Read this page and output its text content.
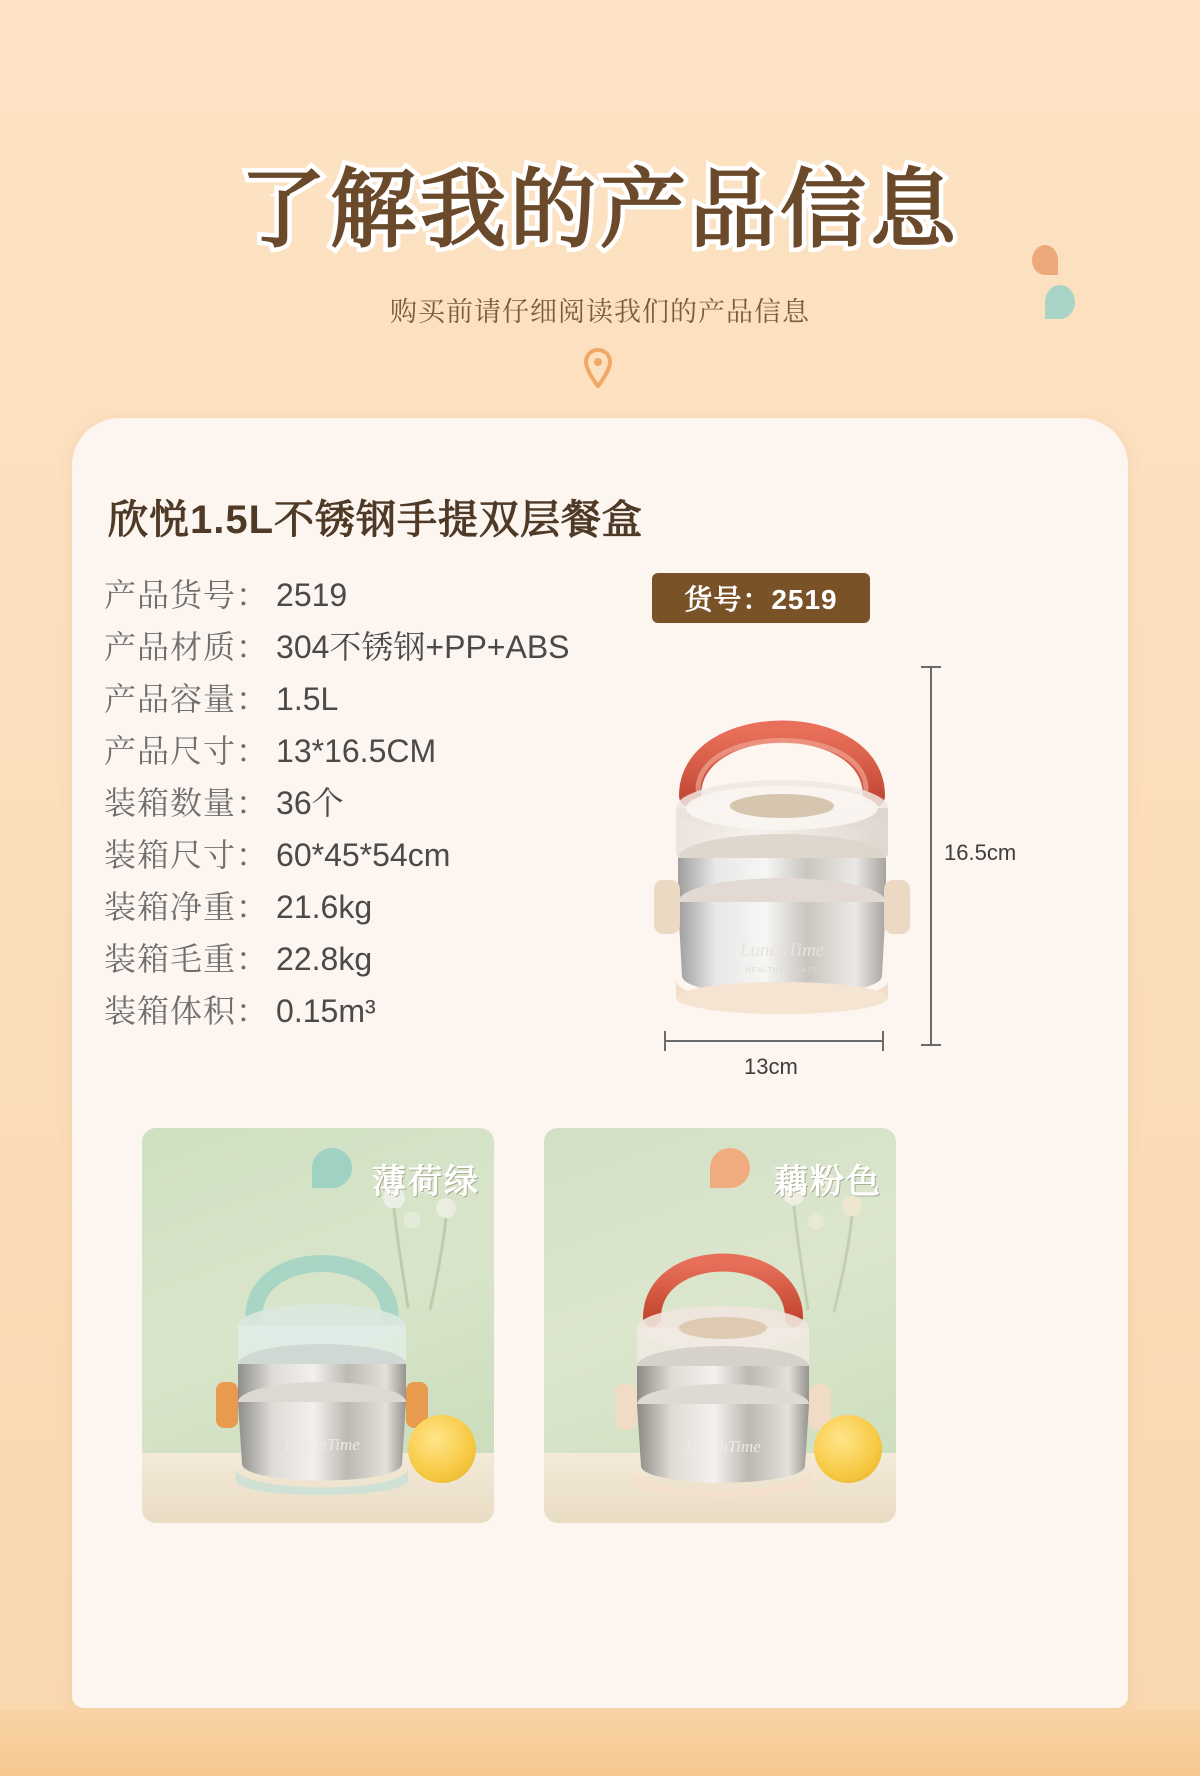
了解我的产品信息
购买前请仔细阅读我们的产品信息
欣悦1.5L不锈钢手提双层餐盒
产品货号 ： 2519
产品材质 ： 304不锈钢+PP+ABS
产品容量 ： 1.5L
产品尺寸 ： 13*16.5CM
装箱数量 ： 36个
装箱尺寸 ： 60*45*54cm
装箱净重 ： 21.6kg
装箱毛重 ： 22.8kg
装箱体积 ： 0.15m³
货号：2519
LunchTime
HEALTHY & SAFE
16.5cm
13cm
薄荷绿
LunchTime
藕粉色
LunchTime
